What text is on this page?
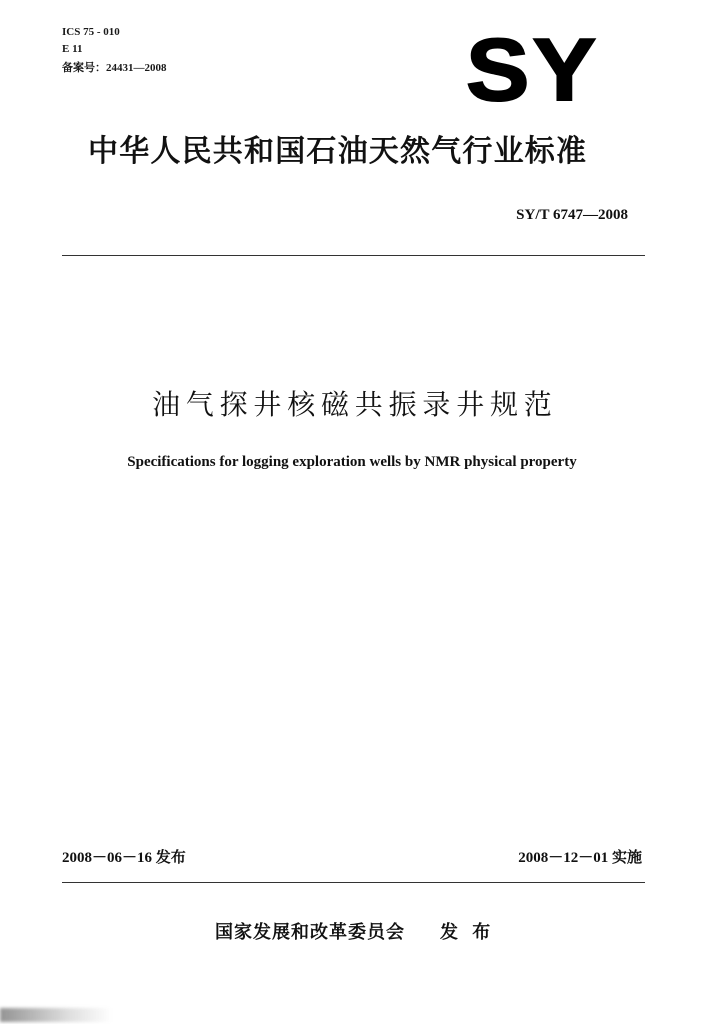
ICS 75 - 010
E 11
备案号：24431—2008	SY
中华人民共和国石油天然气行业标准
SY/T 6747—2008
油气探井核磁共振录井规范
Specifications for logging exploration wells by NMR physical property
2008－06－16 发布	2008－12－01 实施
国家发展和改革委员会 发 布
